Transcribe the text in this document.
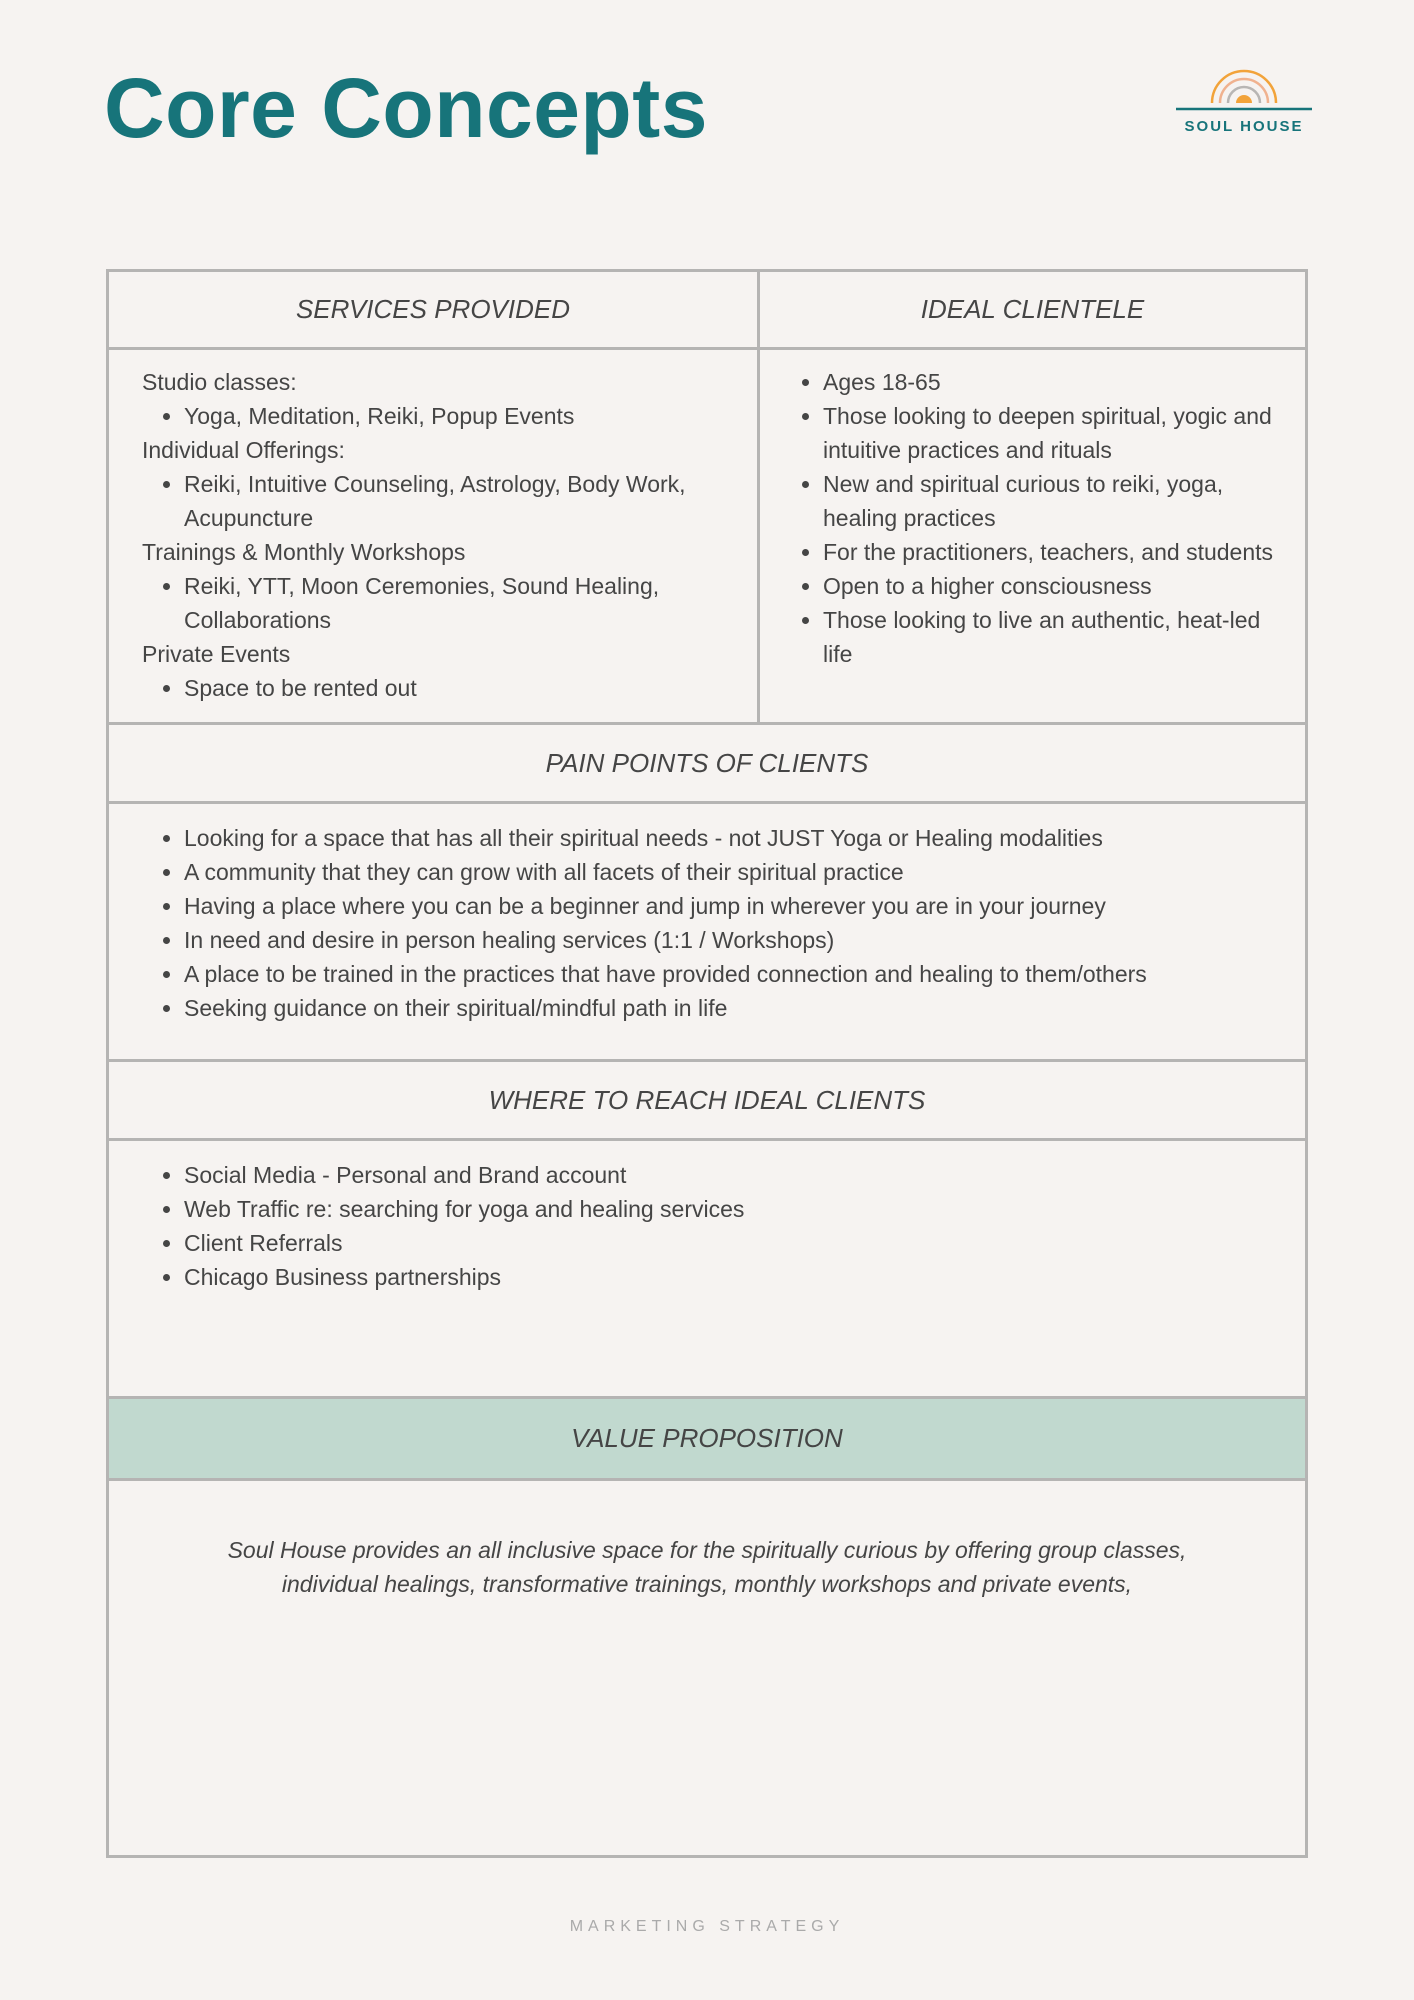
Core Concepts	SOUL HOUSE
SERVICES PROVIDED	IDEAL CLIENTELE
PAIN POINTS OF CLIENTS
WHERE TO REACH IDEAL CLIENTS
VALUE PROPOSITION
Studio classes:
• Yoga, Meditation, Reiki, Popup Events
Individual Offerings:
• Reiki, Intuitive Counseling, Astrology, Body Work, Acupuncture
Trainings & Monthly Workshops
• Reiki, YTT, Moon Ceremonies, Sound Healing, Collaborations
Private Events
• Space to be rented out
• Ages 18-65
• Those looking to deepen spiritual, yogic and intuitive practices and rituals
• New and spiritual curious to reiki, yoga, healing practices
• For the practitioners, teachers, and students
• Open to a higher consciousness
• Those looking to live an authentic, heat-led life
• Looking for a space that has all their spiritual needs - not JUST Yoga or Healing modalities
• A community that they can grow with all facets of their spiritual practice
• Having a place where you can be a beginner and jump in wherever you are in your journey
• In need and desire in person healing services (1:1 / Workshops)
• A place to be trained in the practices that have provided connection and healing to them/others
• Seeking guidance on their spiritual/mindful path in life
• Social Media - Personal and Brand account
• Web Traffic re: searching for yoga and healing services
• Client Referrals
• Chicago Business partnerships
Soul House provides an all inclusive space for the spiritually curious by offering group classes, individual healings, transformative trainings, monthly workshops and private events,
MARKETING STRATEGY
